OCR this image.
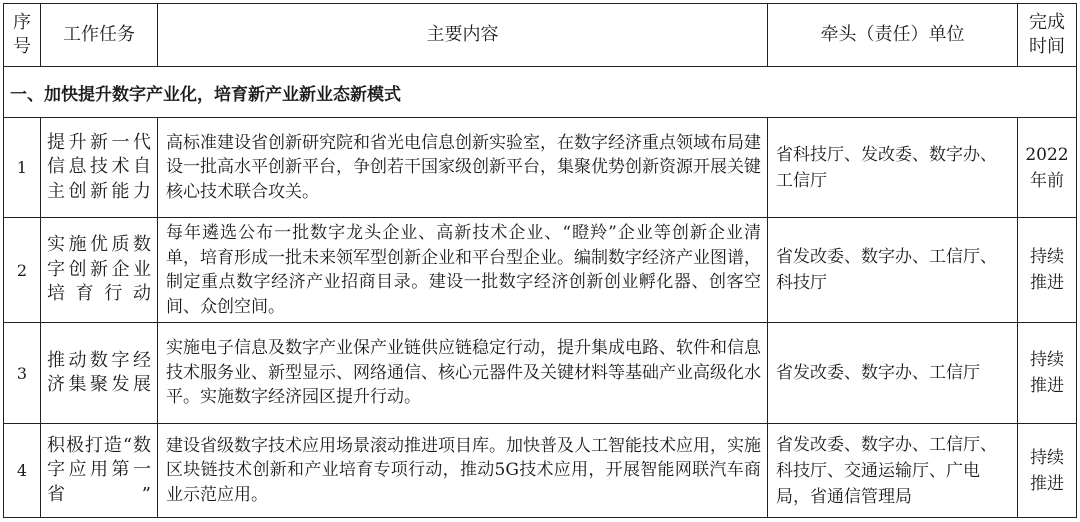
序
号	工作任务	主要内容	牵头（责任）单位	完成
时间
一、加快提升数字产业化，培育新产业新业态新模式				
1	提升新一代信息技术自主创新能力	高标准建设省创新研究院和省光电信息创新实验室，在数字经济重点领域布局建设一批高水平创新平台，争创若干国家级创新平台，集聚优势创新资源开展关键核心技术联合攻关。	省科技厅、发改委、数字办、工信厅	2022
年前
2	实施优质数字创新企业培育行动	每年遴选公布一批数字龙头企业、高新技术企业、“瞪羚”企业等创新企业清单，培育形成一批未来领军型创新企业和平台型企业。编制数字经济产业图谱，制定重点数字经济产业招商目录。建设一批数字经济创新创业孵化器、创客空间、众创空间。	省发改委、数字办、工信厅、科技厅	持续
推进
3	推动数字经济集聚发展	实施电子信息及数字产业保产业链供应链稳定行动，提升集成电路、软件和信息技术服务业、新型显示、网络通信、核心元器件及关键材料等基础产业高级化水平。实施数字经济园区提升行动。	省发改委、数字办、工信厅	持续
推进
4	积极打造“数字应用第一省”	建设省级数字技术应用场景滚动推进项目库。加快普及人工智能技术应用，实施区块链技术创新和产业培育专项行动，推动5G技术应用，开展智能网联汽车商业示范应用。	省发改委、数字办、工信厅、科技厅、交通运输厅、广电局，省通信管理局	持续
推进
